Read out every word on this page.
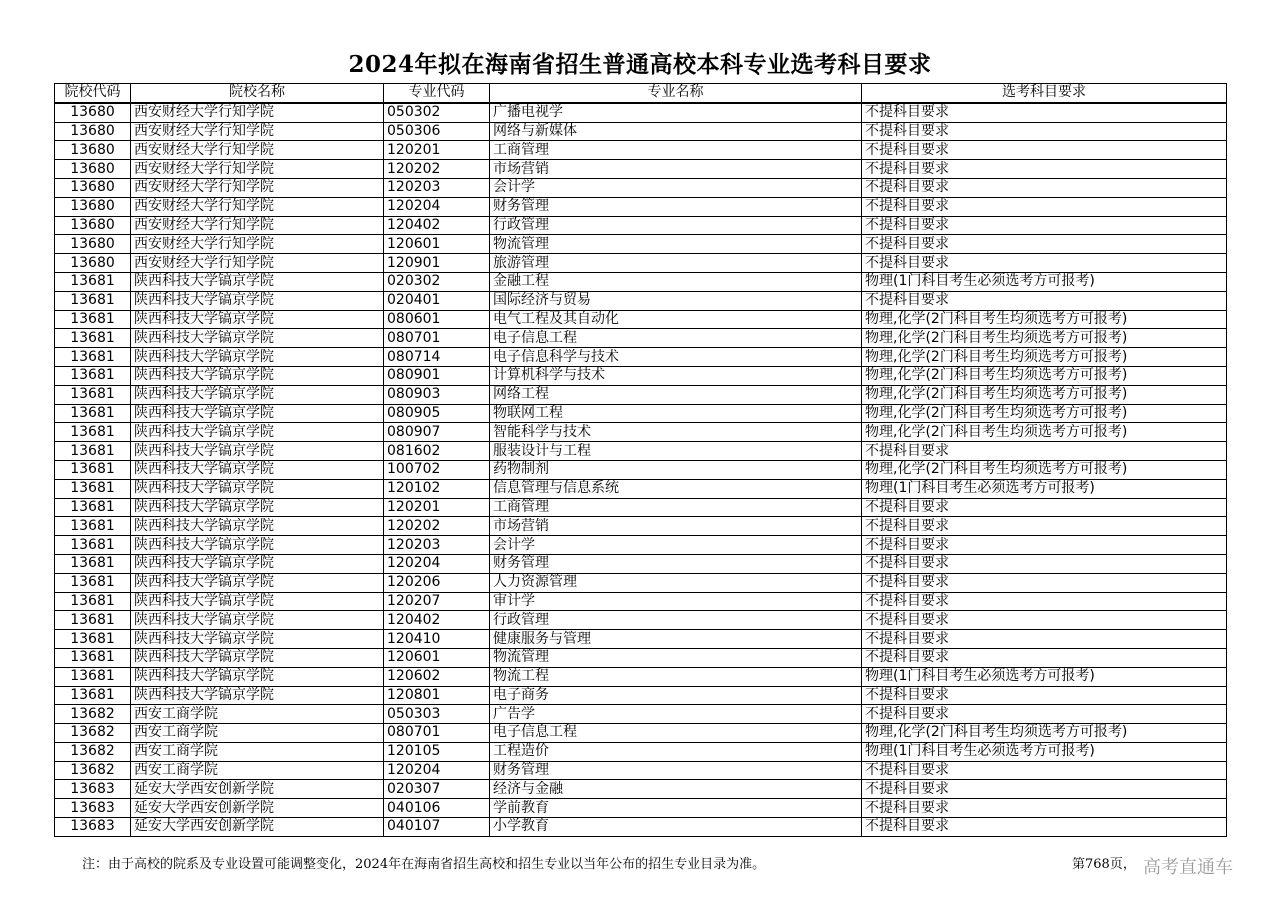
2024年拟在海南省招生普通高校本科专业选考科目要求
院校代码	院校名称	专业代码	专业名称	选考科目要求
13680	西安财经大学行知学院	050302	广播电视学	不提科目要求
13680	西安财经大学行知学院	050306	网络与新媒体	不提科目要求
13680	西安财经大学行知学院	120201	工商管理	不提科目要求
13680	西安财经大学行知学院	120202	市场营销	不提科目要求
13680	西安财经大学行知学院	120203	会计学	不提科目要求
13680	西安财经大学行知学院	120204	财务管理	不提科目要求
13680	西安财经大学行知学院	120402	行政管理	不提科目要求
13680	西安财经大学行知学院	120601	物流管理	不提科目要求
13680	西安财经大学行知学院	120901	旅游管理	不提科目要求
13681	陕西科技大学镐京学院	020302	金融工程	物理(1门科目考生必须选考方可报考)
13681	陕西科技大学镐京学院	020401	国际经济与贸易	不提科目要求
13681	陕西科技大学镐京学院	080601	电气工程及其自动化	物理,化学(2门科目考生均须选考方可报考)
13681	陕西科技大学镐京学院	080701	电子信息工程	物理,化学(2门科目考生均须选考方可报考)
13681	陕西科技大学镐京学院	080714	电子信息科学与技术	物理,化学(2门科目考生均须选考方可报考)
13681	陕西科技大学镐京学院	080901	计算机科学与技术	物理,化学(2门科目考生均须选考方可报考)
13681	陕西科技大学镐京学院	080903	网络工程	物理,化学(2门科目考生均须选考方可报考)
13681	陕西科技大学镐京学院	080905	物联网工程	物理,化学(2门科目考生均须选考方可报考)
13681	陕西科技大学镐京学院	080907	智能科学与技术	物理,化学(2门科目考生均须选考方可报考)
13681	陕西科技大学镐京学院	081602	服装设计与工程	不提科目要求
13681	陕西科技大学镐京学院	100702	药物制剂	物理,化学(2门科目考生均须选考方可报考)
13681	陕西科技大学镐京学院	120102	信息管理与信息系统	物理(1门科目考生必须选考方可报考)
13681	陕西科技大学镐京学院	120201	工商管理	不提科目要求
13681	陕西科技大学镐京学院	120202	市场营销	不提科目要求
13681	陕西科技大学镐京学院	120203	会计学	不提科目要求
13681	陕西科技大学镐京学院	120204	财务管理	不提科目要求
13681	陕西科技大学镐京学院	120206	人力资源管理	不提科目要求
13681	陕西科技大学镐京学院	120207	审计学	不提科目要求
13681	陕西科技大学镐京学院	120402	行政管理	不提科目要求
13681	陕西科技大学镐京学院	120410	健康服务与管理	不提科目要求
13681	陕西科技大学镐京学院	120601	物流管理	不提科目要求
13681	陕西科技大学镐京学院	120602	物流工程	物理(1门科目考生必须选考方可报考)
13681	陕西科技大学镐京学院	120801	电子商务	不提科目要求
13682	西安工商学院	050303	广告学	不提科目要求
13682	西安工商学院	080701	电子信息工程	物理,化学(2门科目考生均须选考方可报考)
13682	西安工商学院	120105	工程造价	物理(1门科目考生必须选考方可报考)
13682	西安工商学院	120204	财务管理	不提科目要求
13683	延安大学西安创新学院	020307	经济与金融	不提科目要求
13683	延安大学西安创新学院	040106	学前教育	不提科目要求
13683	延安大学西安创新学院	040107	小学教育	不提科目要求
注：由于高校的院系及专业设置可能调整变化，2024年在海南省招生高校和招生专业以当年公布的招生专业目录为准。	第768页， 高考直通车
